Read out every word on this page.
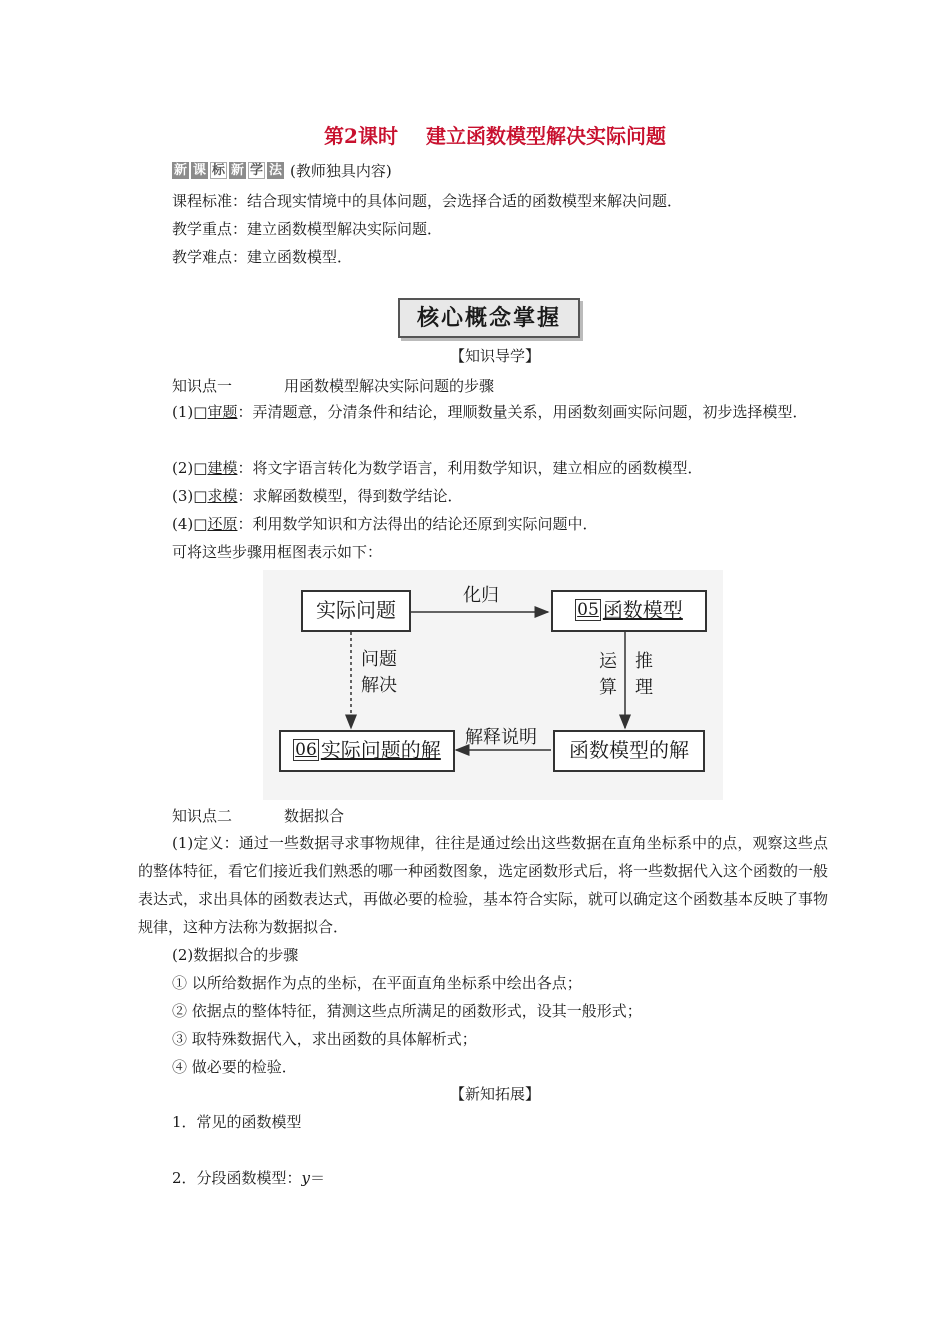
第2课时 建立函数模型解决实际问题
新 课 标 新 学 法 (教师独具内容)
课程标准：结合现实情境中的具体问题，会选择合适的函数模型来解决问题．
教学重点：建立函数模型解决实际问题．
教学难点：建立函数模型．
核心概念掌握
【知识导学】
知识点一	用函数模型解决实际问题的步骤
(1)□审题：弄清题意，分清条件和结论，理顺数量关系，用函数刻画实际问题，初步选择模型．
(2)□建模：将文字语言转化为数学语言，利用数学知识，建立相应的函数模型．
(3)□求模：求解函数模型，得到数学结论．
(4)□还原：利用数学知识和方法得出的结论还原到实际问题中．
可将这些步骤用框图表示如下：
实际问题	05 函数模型
06 实际问题的解	函数模型的解
化归
问题
解决
运
算
推
理
解释说明
知识点二	数据拟合
(1)定义：通过一些数据寻求事物规律，往往是通过绘出这些数据在直角坐标系中的点，观察这些点的整体特征，看它们接近我们熟悉的哪一种函数图象，选定函数形式后，将一些数据代入这个函数的一般表达式，求出具体的函数表达式，再做必要的检验，基本符合实际，就可以确定这个函数基本反映了事物规律，这种方法称为数据拟合．
(2)数据拟合的步骤
① 以所给数据作为点的坐标，在平面直角坐标系中绘出各点；
② 依据点的整体特征，猜测这些点所满足的函数形式，设其一般形式；
③ 取特殊数据代入，求出函数的具体解析式；
④ 做必要的检验．
【新知拓展】
1．常见的函数模型
2．分段函数模型：y＝
